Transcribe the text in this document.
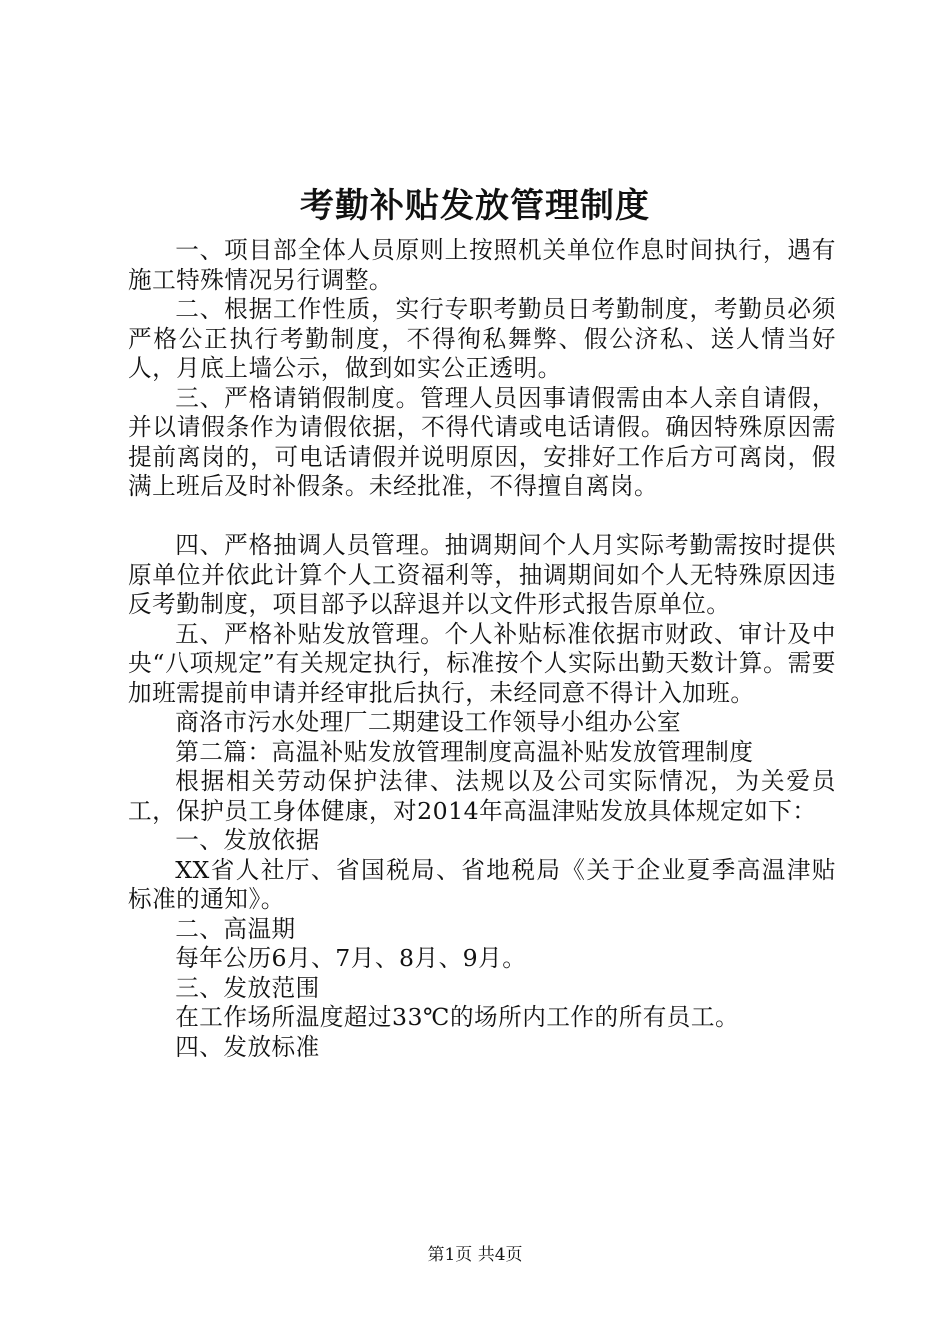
考勤补贴发放管理制度

一、项目部全体人员原则上按照机关单位作息时间执行，遇有施工特殊情况另行调整。

二、根据工作性质，实行专职考勤员日考勤制度，考勤员必须严格公正执行考勤制度，不得徇私舞弊、假公济私、送人情当好人，月底上墙公示，做到如实公正透明。

三、严格请销假制度。管理人员因事请假需由本人亲自请假，并以请假条作为请假依据，不得代请或电话请假。确因特殊原因需提前离岗的，可电话请假并说明原因，安排好工作后方可离岗，假满上班后及时补假条。未经批准，不得擅自离岗。

四、严格抽调人员管理。抽调期间个人月实际考勤需按时提供原单位并依此计算个人工资福利等，抽调期间如个人无特殊原因违反考勤制度，项目部予以辞退并以文件形式报告原单位。

五、严格补贴发放管理。个人补贴标准依据市财政、审计及中央“八项规定”有关规定执行，标准按个人实际出勤天数计算。需要加班需提前申请并经审批后执行，未经同意不得计入加班。

商洛市污水处理厂二期建设工作领导小组办公室

第二篇：高温补贴发放管理制度高温补贴发放管理制度

根据相关劳动保护法律、法规以及公司实际情况，为关爱员工，保护员工身体健康，对2014年高温津贴发放具体规定如下：

一、发放依据

XX省人社厅、省国税局、省地税局《关于企业夏季高温津贴标准的通知》。

二、高温期

每年公历6月、7月、8月、9月。

三、发放范围

在工作场所温度超过33℃的场所内工作的所有员工。

四、发放标准

第1页 共4页
